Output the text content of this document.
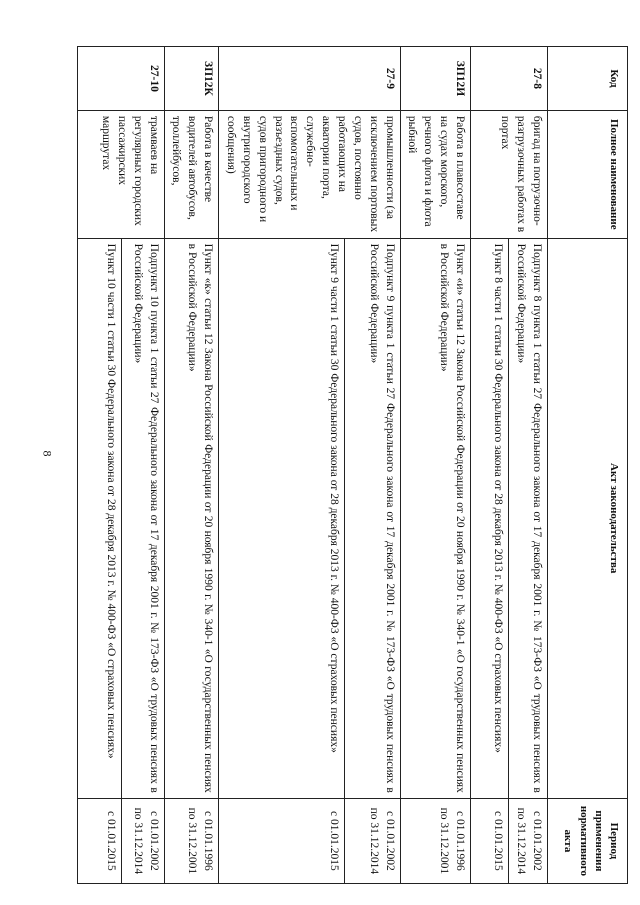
8
Код	Полное наименование	Акт законодательства	Период применения нормативного акта
27-8	бригад на погрузочно-разгрузочных работах в портах	Подпункт 8 пункта 1 статьи 27 Федерального закона от 17 декабря 2001 г. № 173-ФЗ «О трудовых пенсиях в Российской Федерации»	с 01.01.2002 по 31.12.2014
		Пункт 8 части 1 статьи 30 Федерального закона от 28 декабря 2013 г. № 400-ФЗ «О страховых пенсиях»	с 01.01.2015
ЗП12И	Работа в плавсоставе на судах морского, речного флота и флота рыбной	Пункт «и» статьи 12 Закона Российской Федерации от 20 ноября 1990 г. № 340-1 «О государственных пенсиях в Российской Федерации»	с 01.01.1996 по 31.12.2001
27-9	промышленности (за исключением портовых судов, постоянно работающих на акватории порта, служебно-вспомогательных и разъездных судов, судов пригородного и внутригородского сообщения)	Подпункт 9 пункта 1 статьи 27 Федерального закона от 17 декабря 2001 г. № 173-ФЗ «О трудовых пенсиях в Российской Федерации»	с 01.01.2002 по 31.12.2014
		Пункт 9 части 1 статьи 30 Федерального закона от 28 декабря 2013 г. № 400-ФЗ «О страховых пенсиях»	с 01.01.2015
ЗП12К	Работа в качестве водителей автобусов, троллейбусов,	Пункт «к» статьи 12 Закона Российской Федерации от 20 ноября 1990 г. № 340-1 «О государственных пенсиях в Российской Федерации»	с 01.01.1996 по 31.12.2001
27-10	трамваев на регулярных городских пассажирских маршрутах	Подпункт 10 пункта 1 статьи 27 Федерального закона от 17 декабря 2001 г. № 173-ФЗ «О трудовых пенсиях в Российской Федерации»	с 01.01.2002 по 31.12.2014
		Пункт 10 части 1 статьи 30 Федерального закона от 28 декабря 2013 г. № 400-ФЗ «О страховых пенсиях»	с 01.01.2015
